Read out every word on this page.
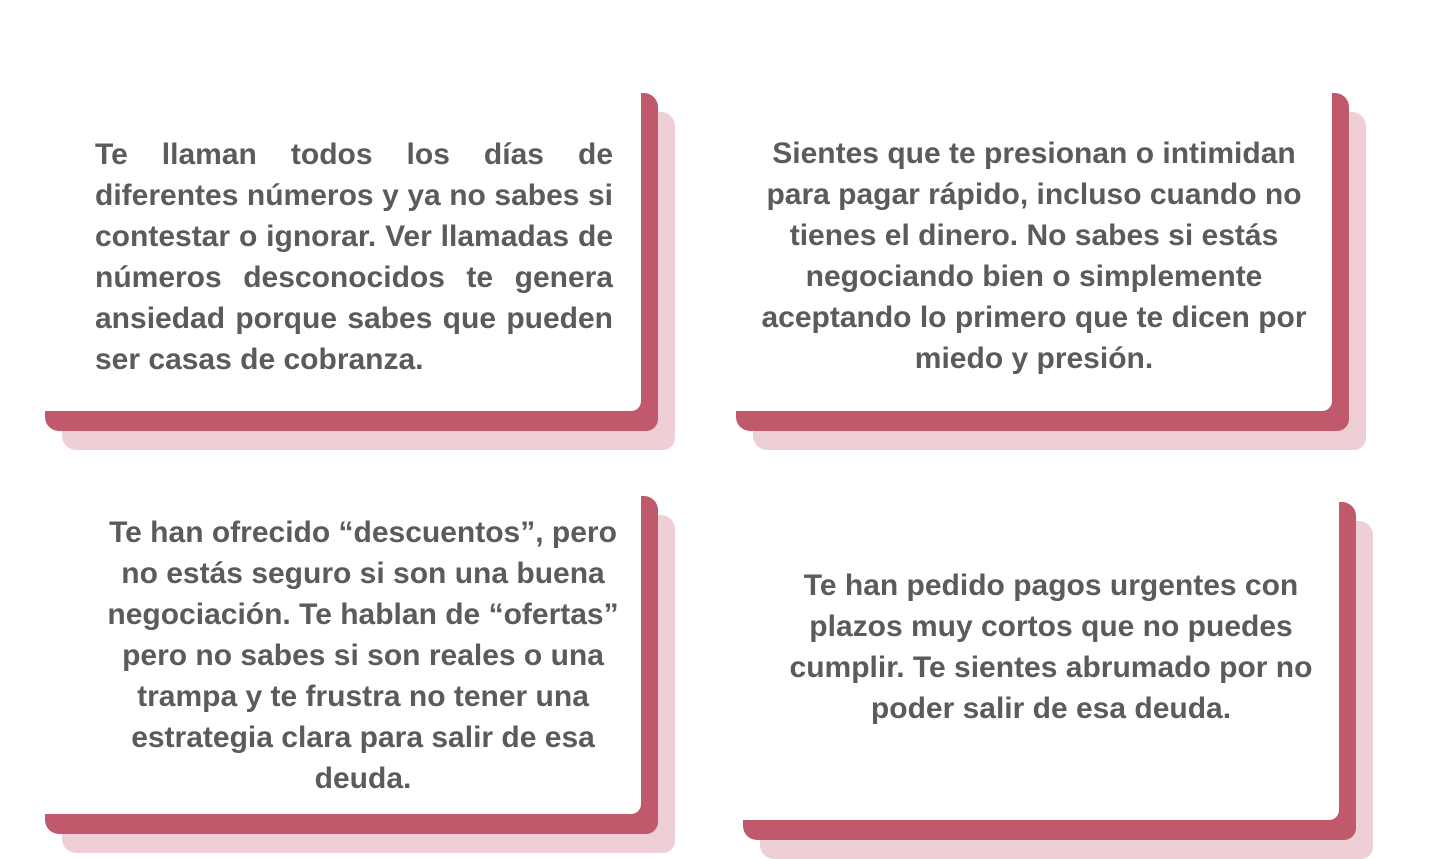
Te llaman todos los días de diferentes números y ya no sabes si contestar o ignorar. Ver llamadas de números desconocidos te genera ansiedad porque sabes que pueden ser casas de cobranza.

Sientes que te presionan o intimidan para pagar rápido, incluso cuando no tienes el dinero. No sabes si estás negociando bien o simplemente aceptando lo primero que te dicen por miedo y presión.

Te han ofrecido “descuentos”, pero no estás seguro si son una buena negociación. Te hablan de “ofertas” pero no sabes si son reales o una trampa y te frustra no tener una estrategia clara para salir de esa deuda.

Te han pedido pagos urgentes con plazos muy cortos que no puedes cumplir. Te sientes abrumado por no poder salir de esa deuda.
